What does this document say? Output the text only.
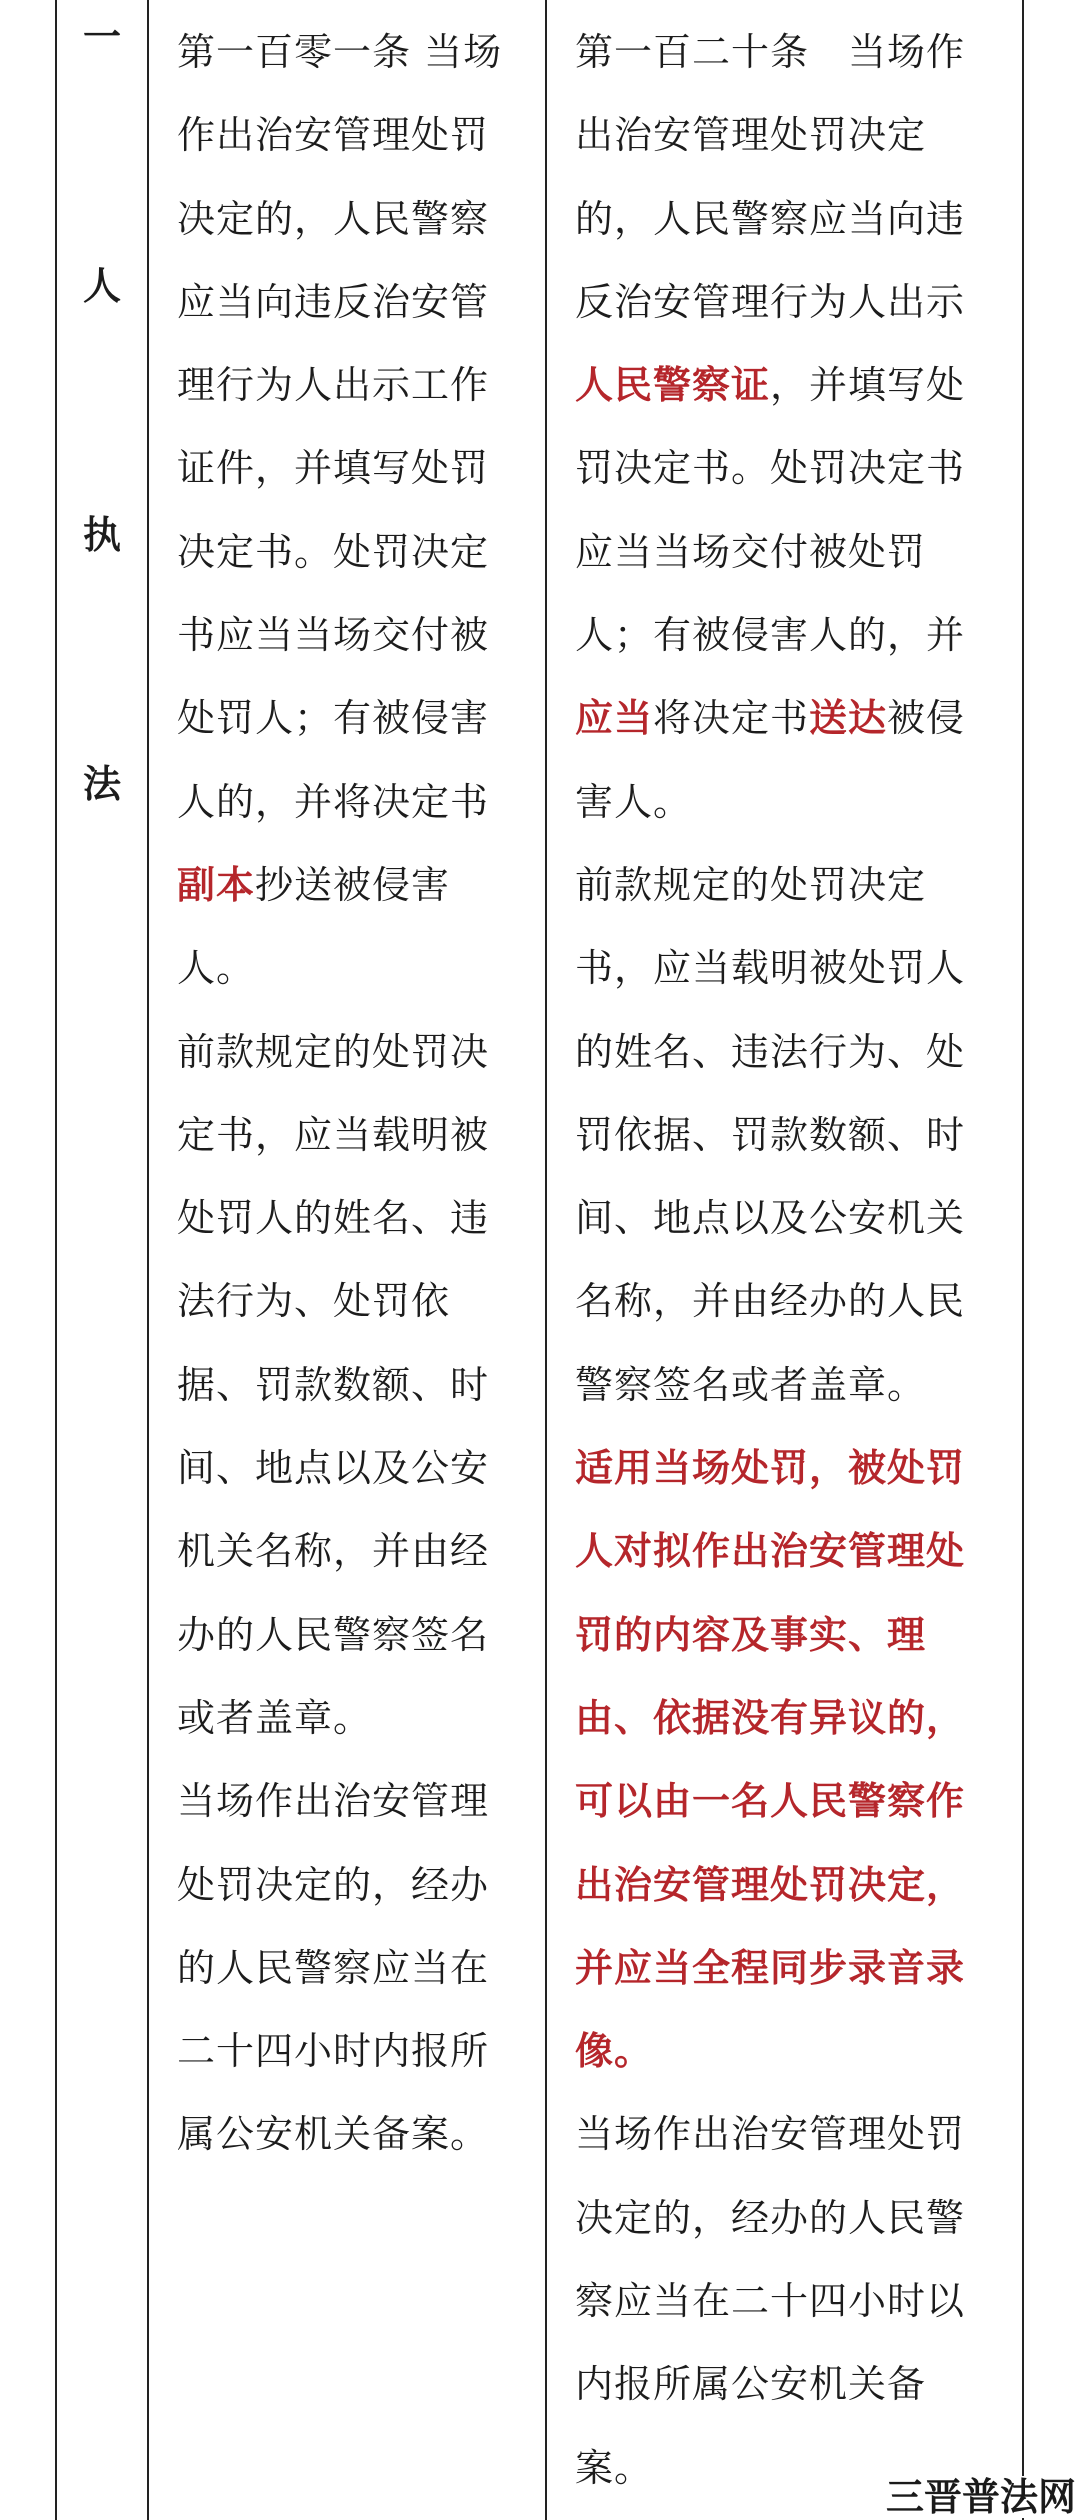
一
人
执
法
第一百零一条 当场
作出治安管理处罚
决定的，人民警察
应当向违反治安管
理行为人出示工作
证件，并填写处罚
决定书。处罚决定
书应当当场交付被
处罚人；有被侵害
人的，并将决定书
副本抄送被侵害
人。
前款规定的处罚决
定书，应当载明被
处罚人的姓名、违
法行为、处罚依
据、罚款数额、时
间、地点以及公安
机关名称，并由经
办的人民警察签名
或者盖章。
当场作出治安管理
处罚决定的，经办
的人民警察应当在
二十四小时内报所
属公安机关备案。
第一百二十条　当场作
出治安管理处罚决定
的，人民警察应当向违
反治安管理行为人出示
人民警察证，并填写处
罚决定书。处罚决定书
应当当场交付被处罚
人；有被侵害人的，并
应当将决定书送达被侵
害人。
前款规定的处罚决定
书，应当载明被处罚人
的姓名、违法行为、处
罚依据、罚款数额、时
间、地点以及公安机关
名称，并由经办的人民
警察签名或者盖章。
适用当场处罚，被处罚
人对拟作出治安管理处
罚的内容及事实、理
由、依据没有异议的，
可以由一名人民警察作
出治安管理处罚决定，
并应当全程同步录音录
像。
当场作出治安管理处罚
决定的，经办的人民警
察应当在二十四小时以
内报所属公安机关备
案。
三晋普法网
